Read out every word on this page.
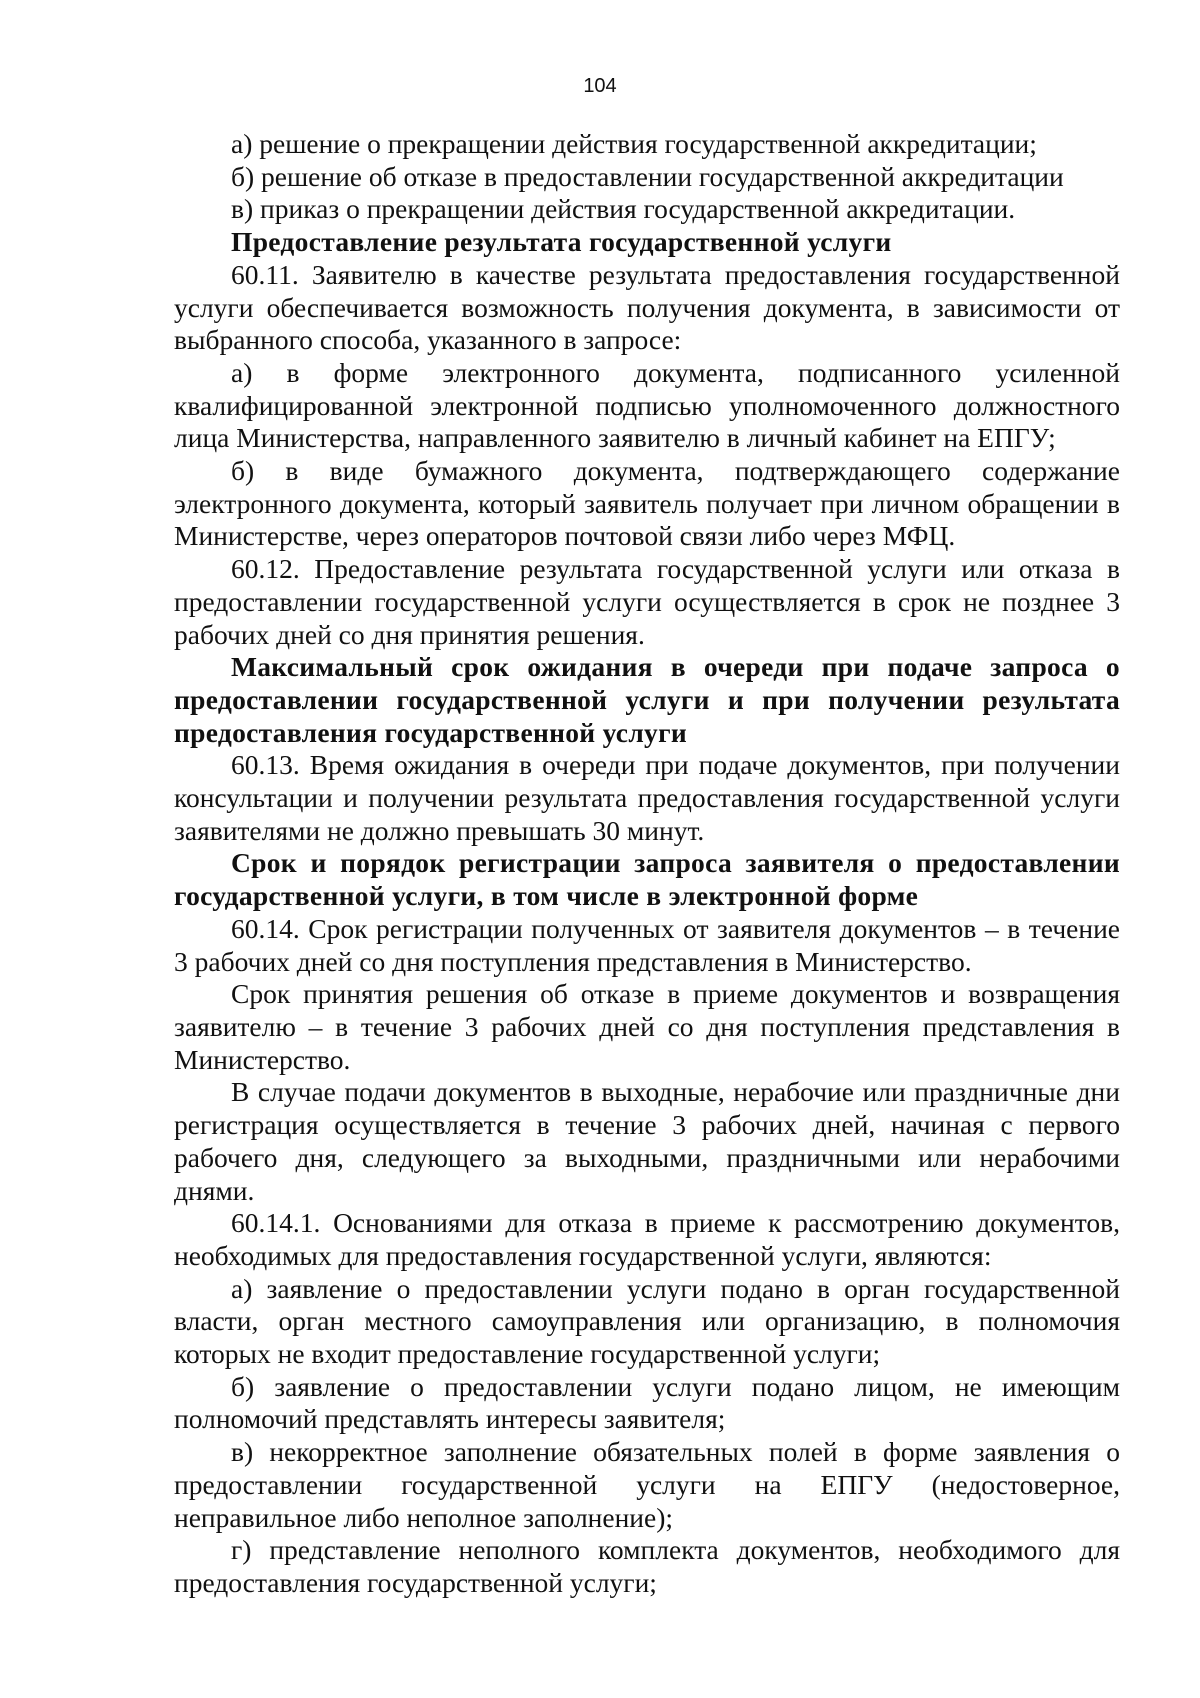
104

а) решение о прекращении действия государственной аккредитации;

б) решение об отказе в предоставлении государственной аккредитации

в) приказ о прекращении действия государственной аккредитации.

Предоставление результата государственной услуги

60.11. Заявителю в качестве результата предоставления государственной услуги обеспечивается возможность получения документа, в зависимости от выбранного способа, указанного в запросе:

а) в форме электронного документа, подписанного усиленной квалифицированной электронной подписью уполномоченного должностного лица Министерства, направленного заявителю в личный кабинет на ЕПГУ;

б) в виде бумажного документа, подтверждающего содержание электронного документа, который заявитель получает при личном обращении в Министерстве, через операторов почтовой связи либо через МФЦ.

60.12. Предоставление результата государственной услуги или отказа в предоставлении государственной услуги осуществляется в срок не позднее 3 рабочих дней со дня принятия решения.

Максимальный срок ожидания в очереди при подаче запроса о предоставлении государственной услуги и при получении результата предоставления государственной услуги

60.13. Время ожидания в очереди при подаче документов, при получении консультации и получении результата предоставления государственной услуги заявителями не должно превышать 30 минут.

Срок и порядок регистрации запроса заявителя о предоставлении государственной услуги, в том числе в электронной форме

60.14. Срок регистрации полученных от заявителя документов – в течение 3 рабочих дней со дня поступления представления в Министерство.

Срок принятия решения об отказе в приеме документов и возвращения заявителю – в течение 3 рабочих дней со дня поступления представления в Министерство.

В случае подачи документов в выходные, нерабочие или праздничные дни регистрация осуществляется в течение 3 рабочих дней, начиная с первого рабочего дня, следующего за выходными, праздничными или нерабочими днями.

60.14.1. Основаниями для отказа в приеме к рассмотрению документов, необходимых для предоставления государственной услуги, являются:

а) заявление о предоставлении услуги подано в орган государственной власти, орган местного самоуправления или организацию, в полномочия которых не входит предоставление государственной услуги;

б) заявление о предоставлении услуги подано лицом, не имеющим полномочий представлять интересы заявителя;

в) некорректное заполнение обязательных полей в форме заявления о предоставлении государственной услуги на ЕПГУ (недостоверное, неправильное либо неполное заполнение);

г) представление неполного комплекта документов, необходимого для предоставления государственной услуги;
